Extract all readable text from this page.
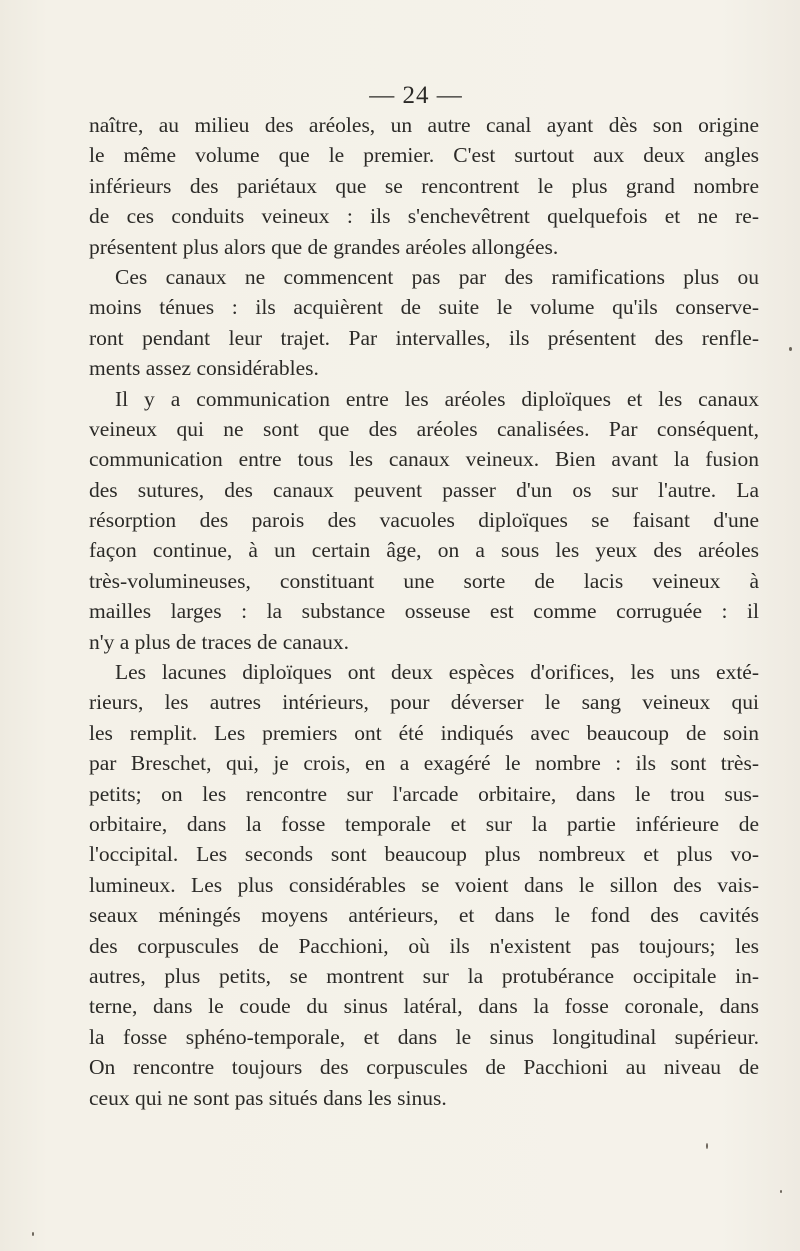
— 24 —
naître, au milieu des aréoles, un autre canal ayant dès son origine
le même volume que le premier. C'est surtout aux deux angles
inférieurs des pariétaux que se rencontrent le plus grand nombre
de ces conduits veineux : ils s'enchevêtrent quelquefois et ne re-
présentent plus alors que de grandes aréoles allongées.
Ces canaux ne commencent pas par des ramifications plus ou
moins ténues : ils acquièrent de suite le volume qu'ils conserve-
ront pendant leur trajet. Par intervalles, ils présentent des renfle-
ments assez considérables.
Il y a communication entre les aréoles diploïques et les canaux
veineux qui ne sont que des aréoles canalisées. Par conséquent,
communication entre tous les canaux veineux. Bien avant la fusion
des sutures, des canaux peuvent passer d'un os sur l'autre. La
résorption des parois des vacuoles diploïques se faisant d'une
façon continue, à un certain âge, on a sous les yeux des aréoles
très-volumineuses, constituant une sorte de lacis veineux à
mailles larges : la substance osseuse est comme corruguée : il
n'y a plus de traces de canaux.
Les lacunes diploïques ont deux espèces d'orifices, les uns exté-
rieurs, les autres intérieurs, pour déverser le sang veineux qui
les remplit. Les premiers ont été indiqués avec beaucoup de soin
par Breschet, qui, je crois, en a exagéré le nombre : ils sont très-
petits; on les rencontre sur l'arcade orbitaire, dans le trou sus-
orbitaire, dans la fosse temporale et sur la partie inférieure de
l'occipital. Les seconds sont beaucoup plus nombreux et plus vo-
lumineux. Les plus considérables se voient dans le sillon des vais-
seaux méningés moyens antérieurs, et dans le fond des cavités
des corpuscules de Pacchioni, où ils n'existent pas toujours; les
autres, plus petits, se montrent sur la protubérance occipitale in-
terne, dans le coude du sinus latéral, dans la fosse coronale, dans
la fosse sphéno-temporale, et dans le sinus longitudinal supérieur.
On rencontre toujours des corpuscules de Pacchioni au niveau de
ceux qui ne sont pas situés dans les sinus.
